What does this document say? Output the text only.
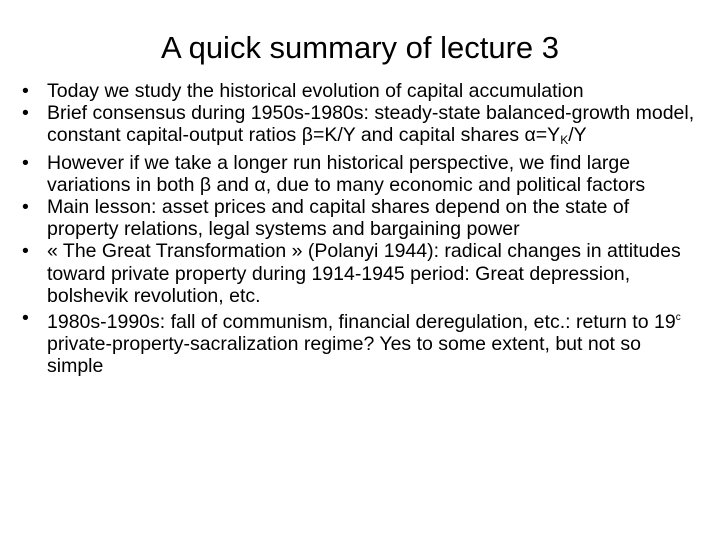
A quick summary of lecture 3
• Today we study the historical evolution of capital accumulation
• Brief consensus during 1950s-1980s: steady-state balanced-growth model, constant capital-output ratios β=K/Y and capital shares $\alpha=Y_K/Y$
• However if we take a longer run historical perspective, we find large variations in both β and α, due to many economic and political factors
• Main lesson: asset prices and capital shares depend on the state of property relations, legal systems and bargaining power
• « The Great Transformation » (Polanyi 1944): radical changes in attitudes toward private property during 1914-1945 period: Great depression, bolshevik revolution, etc.
• 1980s-1990s: fall of communism, financial deregulation, etc.: return to 19$^c$ private-property-sacralization regime? Yes to some extent, but not so simple
